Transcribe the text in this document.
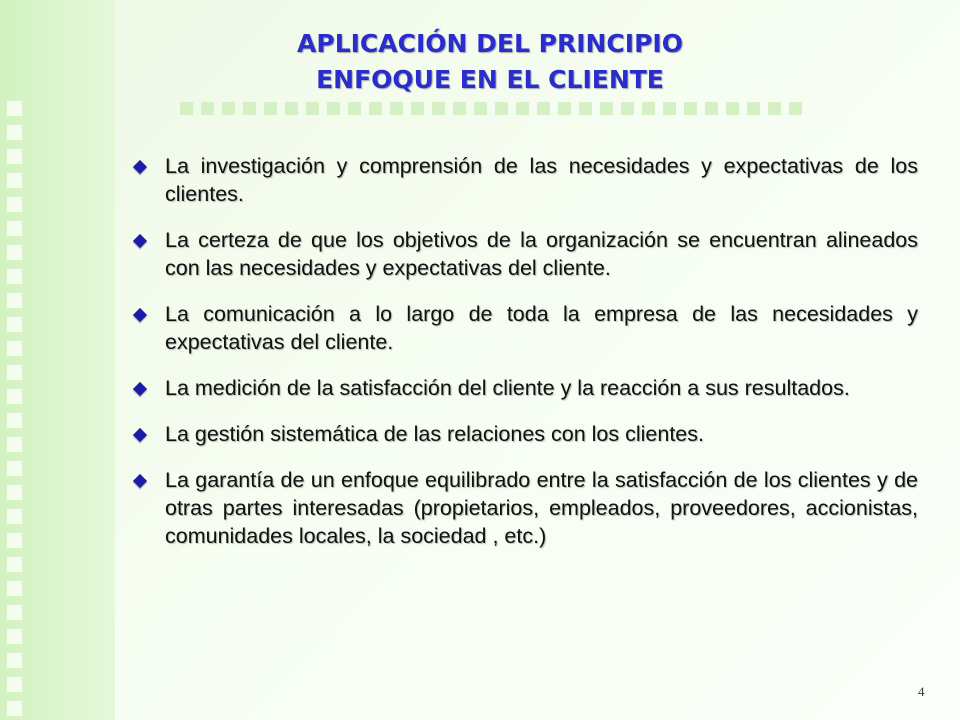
APLICACIÓN DEL PRINCIPIO
ENFOQUE EN EL CLIENTE
La investigación y comprensión de las necesidades y expectativas de los clientes.
La certeza de que los objetivos de la organización se encuentran alineados con las necesidades y expectativas del cliente.
La comunicación a lo largo de toda la empresa de las necesidades y expectativas del cliente.
La medición de la satisfacción del cliente y la reacción a sus resultados.
La gestión sistemática de las relaciones con los clientes.
La garantía de un enfoque equilibrado entre la satisfacción de los clientes y de otras partes interesadas (propietarios, empleados, proveedores, accionistas, comunidades locales, la sociedad , etc.)
4
